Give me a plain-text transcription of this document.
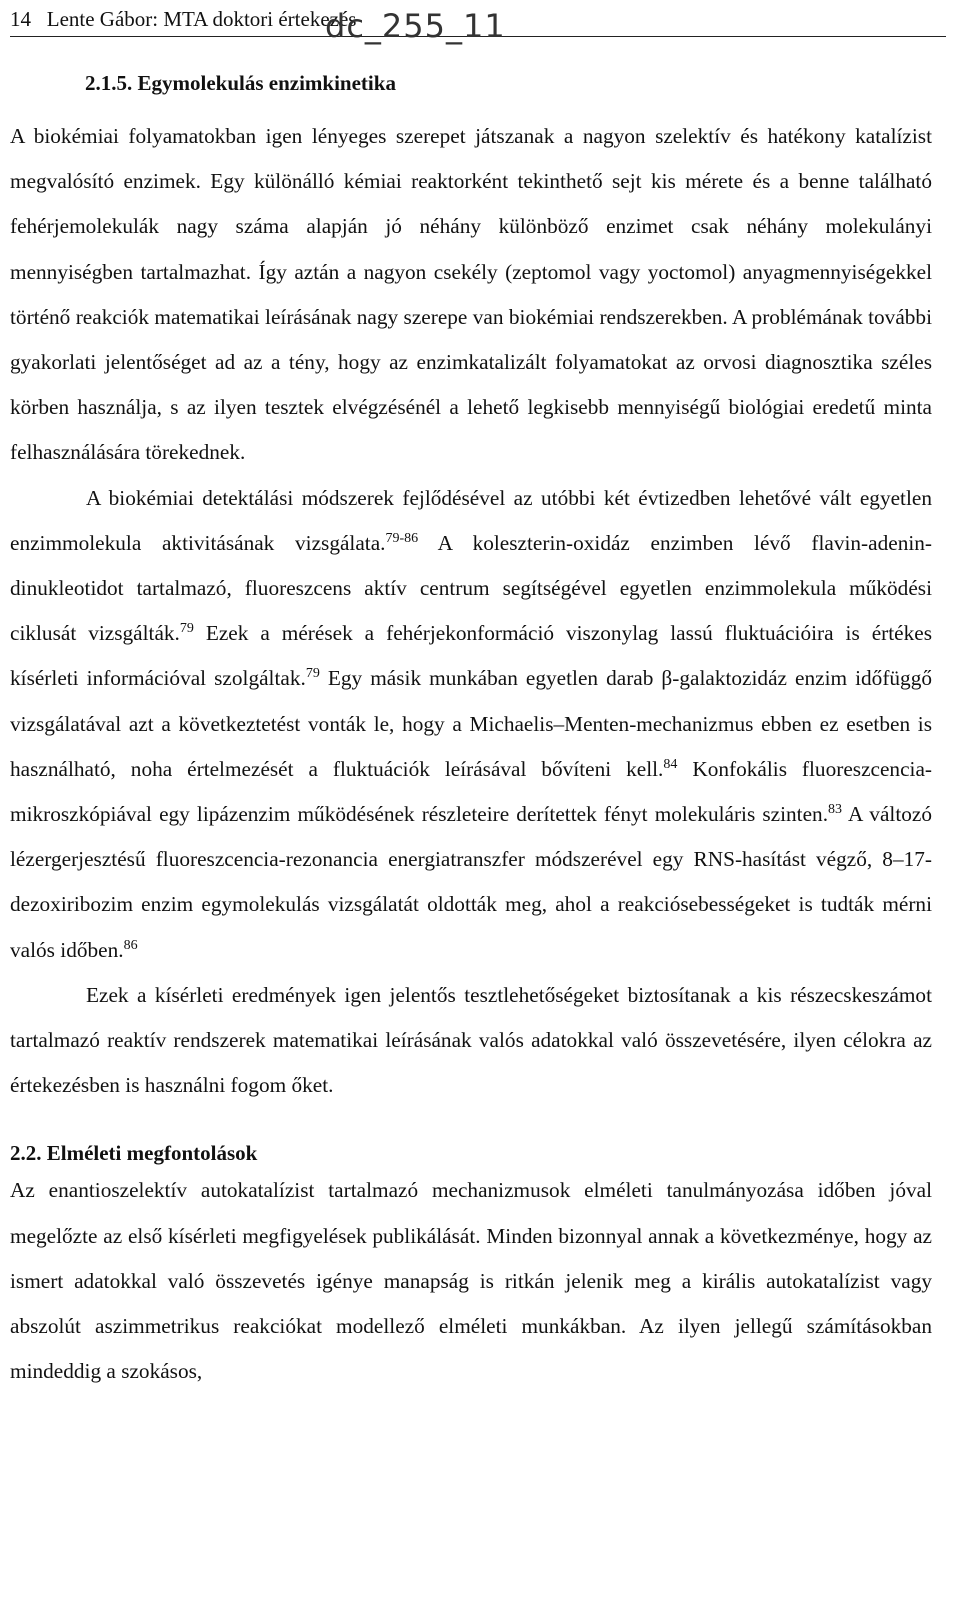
14 Lente Gábor: MTA doktori értekezés
dc_255_11
2.1.5. Egymolekulás enzimkinetika

A biokémiai folyamatokban igen lényeges szerepet játszanak a nagyon szelektív és hatékony katalízist megvalósító enzimek. Egy különálló kémiai reaktorként tekinthető sejt kis mérete és a benne található fehérjemolekulák nagy száma alapján jó néhány különböző enzimet csak néhány molekulányi mennyiségben tartalmazhat. Így aztán a nagyon csekély (zeptomol vagy yoctomol) anyagmennyiségekkel történő reakciók matematikai leírásának nagy szerepe van biokémiai rendszerekben. A problémának további gyakorlati jelentőséget ad az a tény, hogy az enzimkatalizált folyamatokat az orvosi diagnosztika széles körben használja, s az ilyen tesztek elvégzésénél a lehető legkisebb mennyiségű biológiai eredetű minta felhasználására törekednek.

A biokémiai detektálási módszerek fejlődésével az utóbbi két évtizedben lehetővé vált egyetlen enzimmolekula aktivitásának vizsgálata.$^{79-86}$ A koleszterin-oxidáz enzimben lévő flavin-adenin-dinukleotidot tartalmazó, fluoreszcens aktív centrum segítségével egyetlen enzimmolekula működési ciklusát vizsgálták.$^{79}$ Ezek a mérések a fehérjekonformáció viszonylag lassú fluktuációira is értékes kísérleti információval szolgáltak.$^{79}$ Egy másik munkában egyetlen darab β-galaktozidáz enzim időfüggő vizsgálatával azt a következtetést vonták le, hogy a Michaelis–Menten-mechanizmus ebben ez esetben is használható, noha értelmezését a fluktuációk leírásával bővíteni kell.$^{84}$ Konfokális fluoreszcencia-mikroszkópiával egy lipázenzim működésének részleteire derítettek fényt molekuláris szinten.$^{83}$ A változó lézergerjesztésű fluoreszcencia-rezonancia energiatranszfer módszerével egy RNS-hasítást végző, 8–17-dezoxiribozim enzim egymolekulás vizsgálatát oldották meg, ahol a reakciósebességeket is tudták mérni valós időben.$^{86}$

Ezek a kísérleti eredmények igen jelentős tesztlehetőségeket biztosítanak a kis részecskeszámot tartalmazó reaktív rendszerek matematikai leírásának valós adatokkal való összevetésére, ilyen célokra az értekezésben is használni fogom őket.

2.2. Elméleti megfontolások

Az enantioszelektív autokatalízist tartalmazó mechanizmusok elméleti tanulmányozása időben jóval megelőzte az első kísérleti megfigyelések publikálását. Minden bizonnyal annak a következménye, hogy az ismert adatokkal való összevetés igénye manapság is ritkán jelenik meg a királis autokatalízist vagy abszolút aszimmetrikus reakciókat modellező elméleti munkákban. Az ilyen jellegű számításokban mindeddig a szokásos,
